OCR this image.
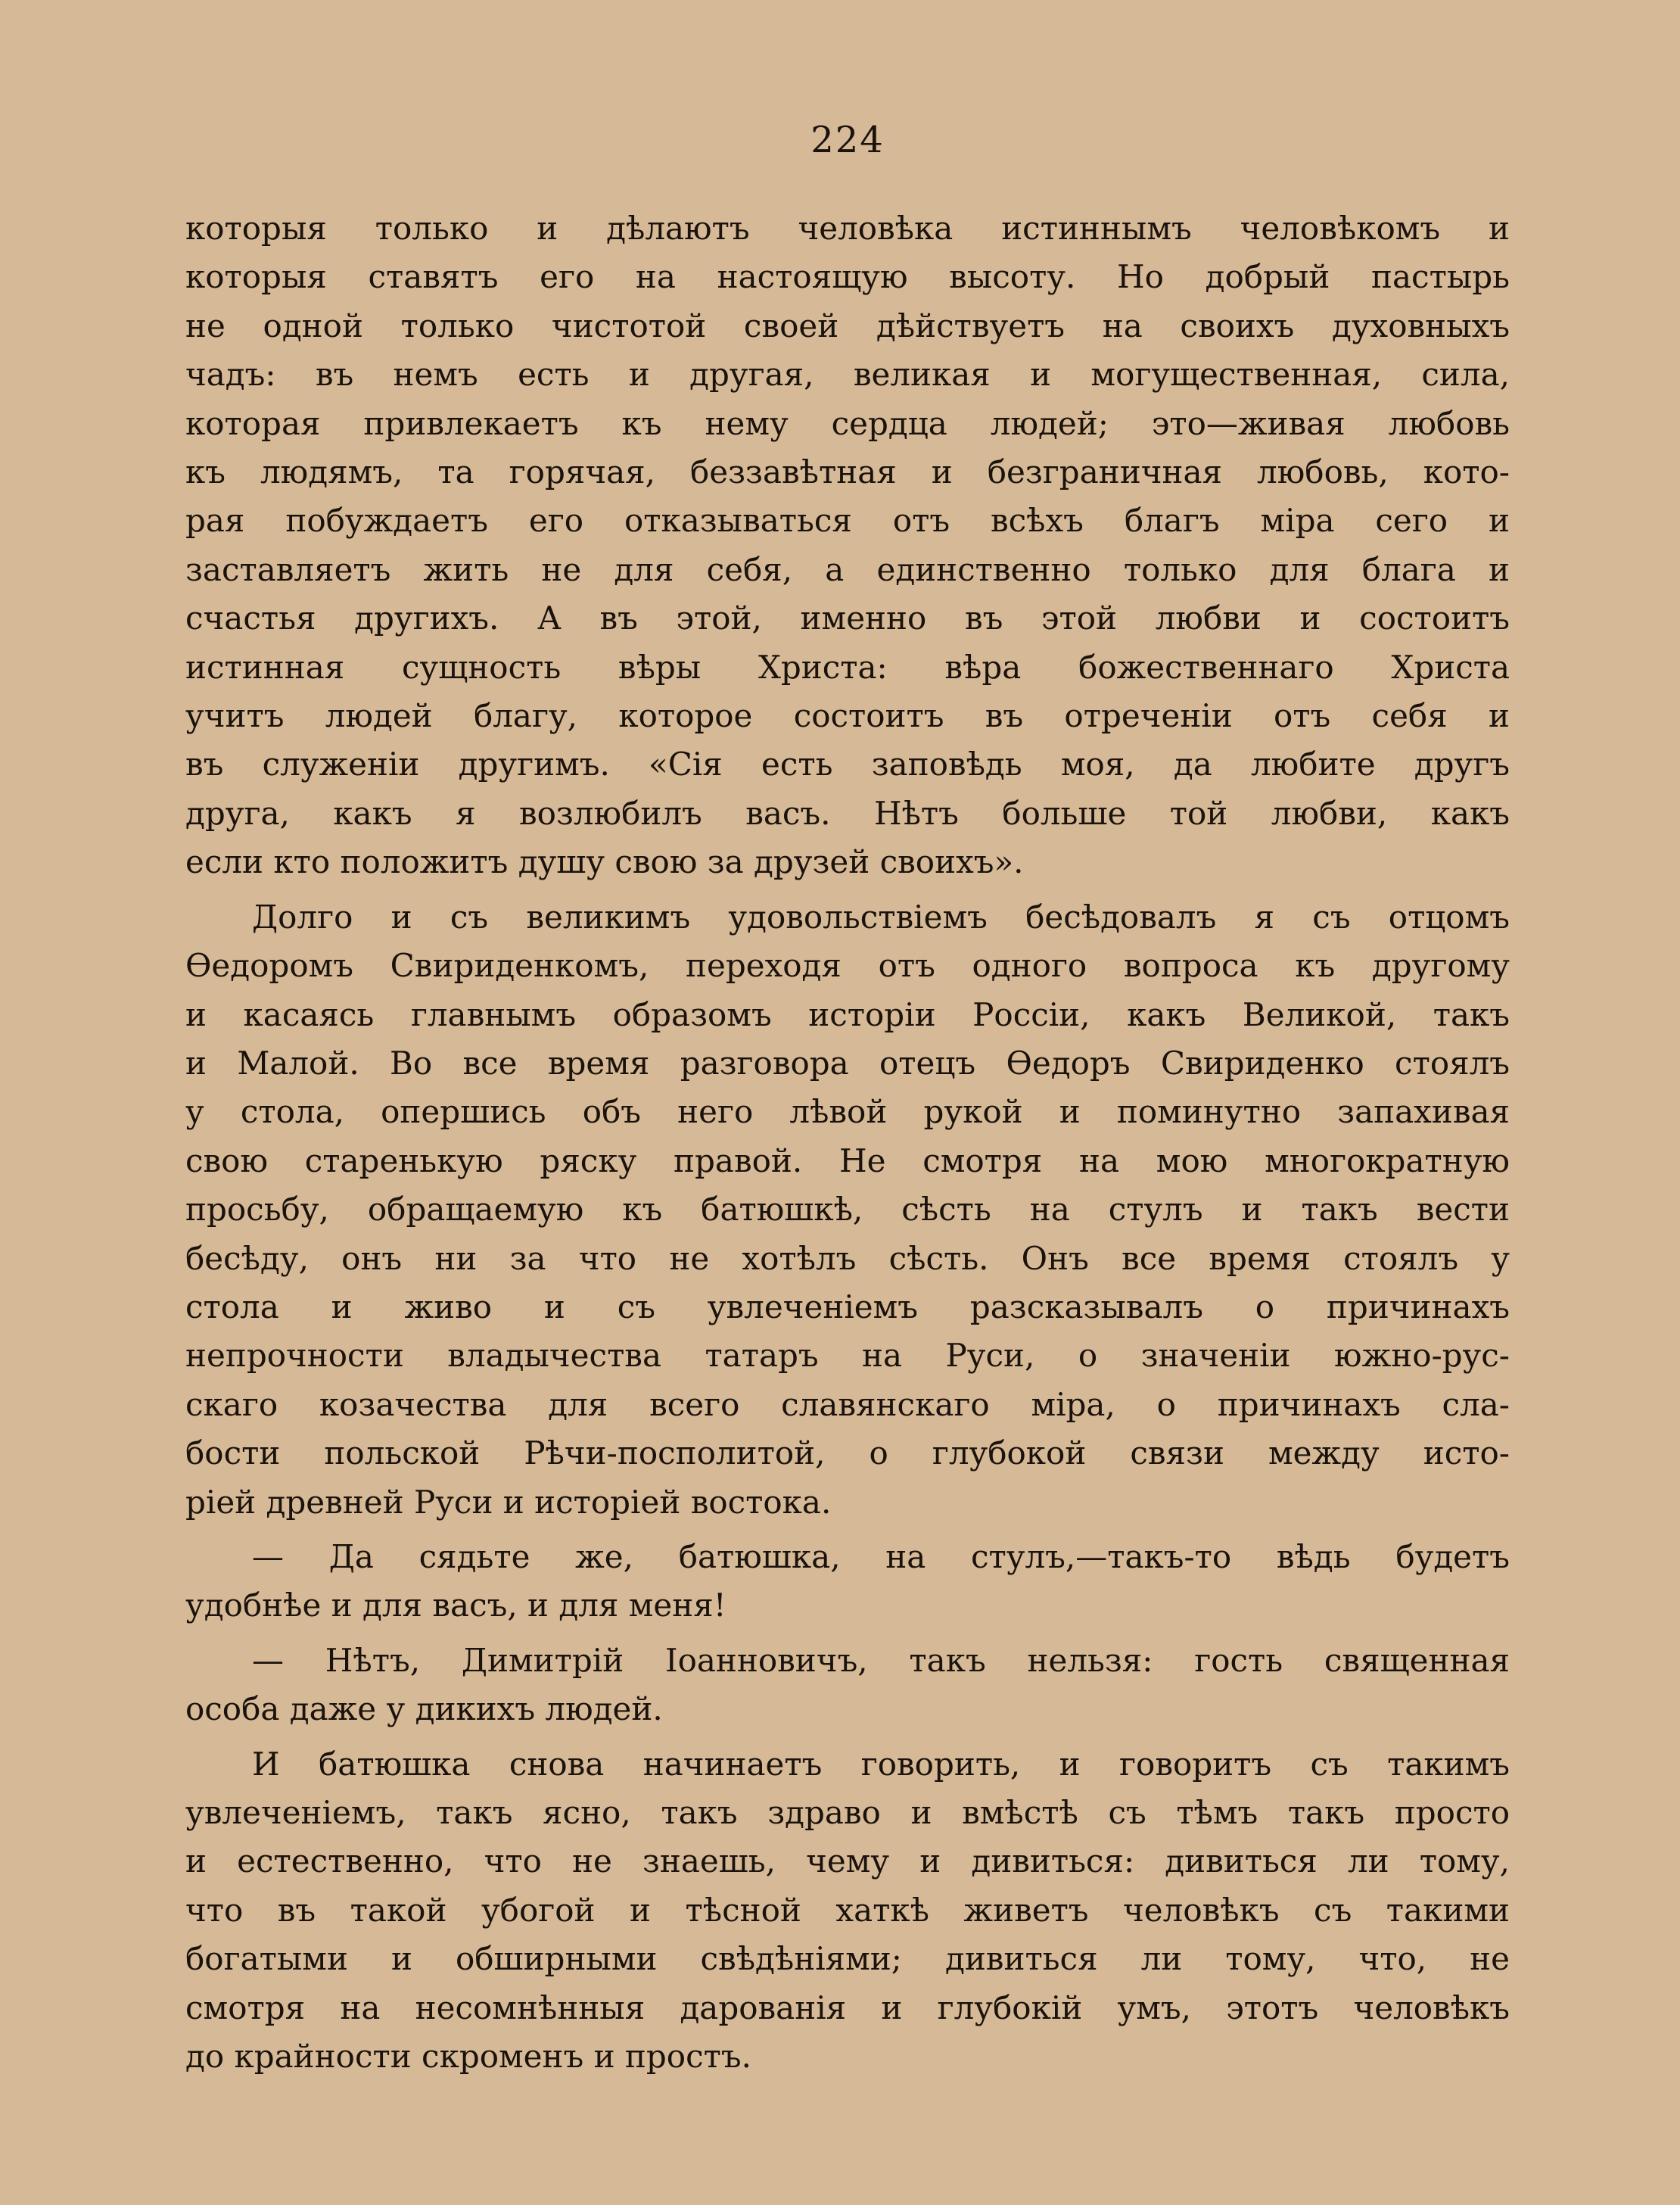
224
которыя только и дѣлаютъ человѣка истиннымъ человѣкомъ и
которыя ставятъ его на настоящую высоту. Но добрый пастырь
не одной только чистотой своей дѣйствуетъ на своихъ духовныхъ
чадъ: въ немъ есть и другая, великая и могущественная, сила,
которая привлекаетъ къ нему сердца людей; это—живая любовь
къ людямъ, та горячая, беззавѣтная и безграничная любовь, кото-
рая побуждаетъ его отказываться отъ всѣхъ благъ міра сего и
заставляетъ жить не для себя, а единственно только для блага и
счастья другихъ. А въ этой, именно въ этой любви и состоитъ
истинная сущность вѣры Христа: вѣра божественнаго Христа
учитъ людей благу, которое состоитъ въ отреченіи отъ себя и
въ служеніи другимъ. «Сія есть заповѣдь моя, да любите другъ
друга, какъ я возлюбилъ васъ. Нѣтъ больше той любви, какъ
если кто положитъ душу свою за друзей своихъ».
Долго и съ великимъ удовольствіемъ бесѣдовалъ я съ отцомъ
Ѳедоромъ Свириденкомъ, переходя отъ одного вопроса къ другому
и касаясь главнымъ образомъ исторіи Россіи, какъ Великой, такъ
и Малой. Во все время разговора отецъ Ѳедоръ Свириденко стоялъ
у стола, опершись объ него лѣвой рукой и поминутно запахивая
свою старенькую ряску правой. Не смотря на мою многократную
просьбу, обращаемую къ батюшкѣ, сѣсть на стулъ и такъ вести
бесѣду, онъ ни за что не хотѣлъ сѣсть. Онъ все время стоялъ у
стола и живо и съ увлеченіемъ разсказывалъ о причинахъ
непрочности владычества татаръ на Руси, о значеніи южно-рус-
скаго козачества для всего славянскаго міра, о причинахъ сла-
бости польской Рѣчи-посполитой, о глубокой связи между исто-
ріей древней Руси и исторіей востока.
— Да сядьте же, батюшка, на стулъ,—такъ-то вѣдь будетъ
удобнѣе и для васъ, и для меня!
— Нѣтъ, Димитрій Іоанновичъ, такъ нельзя: гость священная
особа даже у дикихъ людей.
И батюшка снова начинаетъ говорить, и говоритъ съ такимъ
увлеченіемъ, такъ ясно, такъ здраво и вмѣстѣ съ тѣмъ такъ просто
и естественно, что не знаешь, чему и дивиться: дивиться ли тому,
что въ такой убогой и тѣсной хаткѣ живетъ человѣкъ съ такими
богатыми и обширными свѣдѣніями; дивиться ли тому, что, не
смотря на несомнѣнныя дарованія и глубокій умъ, этотъ человѣкъ
до крайности скроменъ и простъ.
